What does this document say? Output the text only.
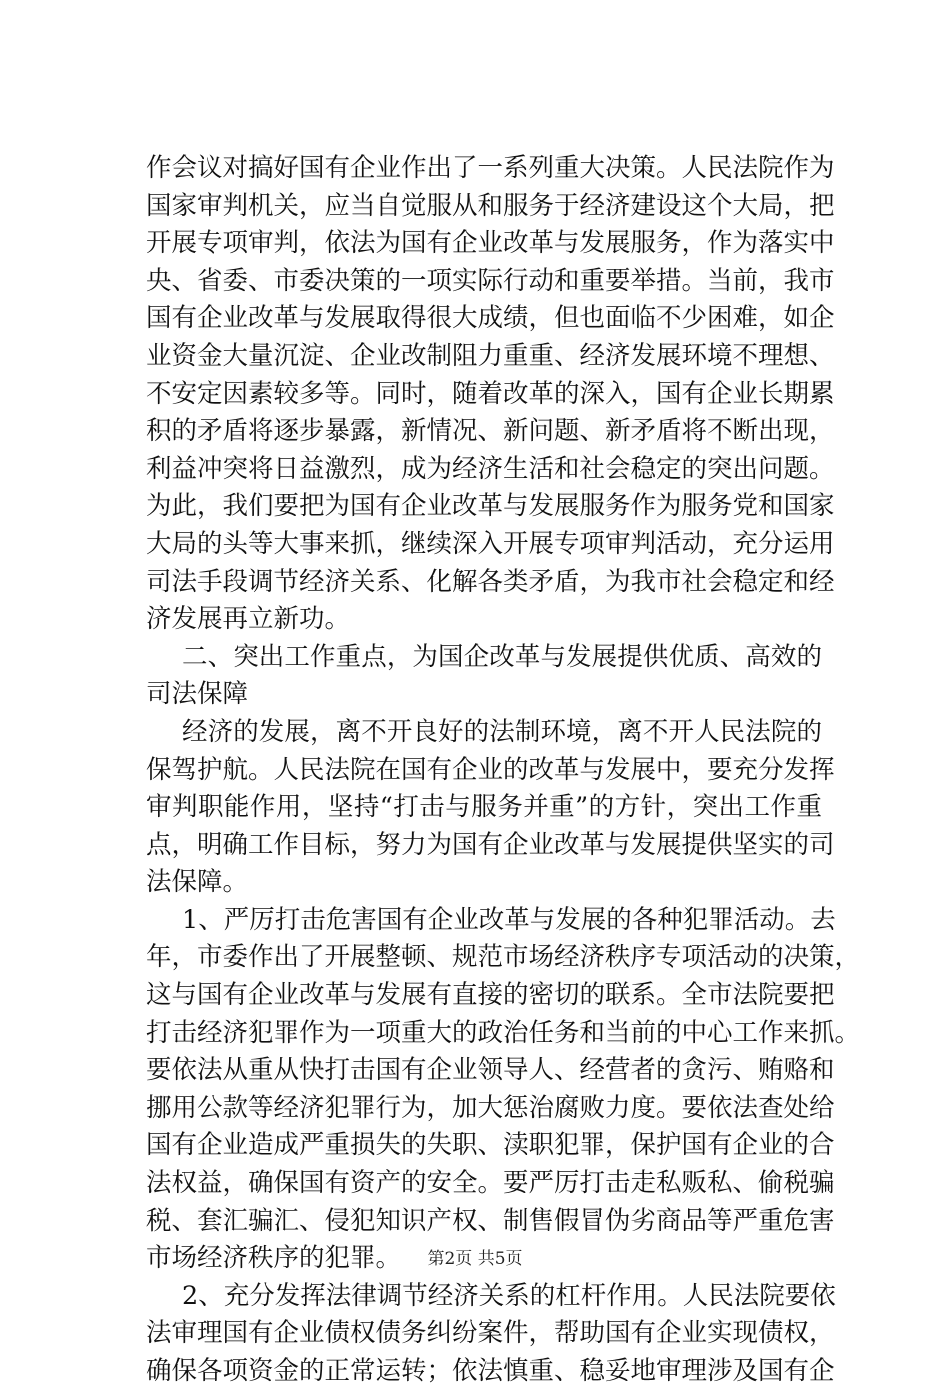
作会议对搞好国有企业作出了一系列重大决策。人民法院作为
国家审判机关，应当自觉服从和服务于经济建设这个大局，把
开展专项审判，依法为国有企业改革与发展服务，作为落实中
央、省委、市委决策的一项实际行动和重要举措。当前，我市
国有企业改革与发展取得很大成绩，但也面临不少困难，如企
业资金大量沉淀、企业改制阻力重重、经济发展环境不理想、
不安定因素较多等。同时，随着改革的深入，国有企业长期累
积的矛盾将逐步暴露，新情况、新问题、新矛盾将不断出现，
利益冲突将日益激烈，成为经济生活和社会稳定的突出问题。
为此，我们要把为国有企业改革与发展服务作为服务党和国家
大局的头等大事来抓，继续深入开展专项审判活动，充分运用
司法手段调节经济关系、化解各类矛盾，为我市社会稳定和经
济发展再立新功。
二、突出工作重点，为国企改革与发展提供优质、高效的
司法保障
经济的发展，离不开良好的法制环境，离不开人民法院的
保驾护航。人民法院在国有企业的改革与发展中，要充分发挥
审判职能作用，坚持“打击与服务并重”的方针，突出工作重
点，明确工作目标，努力为国有企业改革与发展提供坚实的司
法保障。
1、严厉打击危害国有企业改革与发展的各种犯罪活动。去
年，市委作出了开展整顿、规范市场经济秩序专项活动的决策，
这与国有企业改革与发展有直接的密切的联系。全市法院要把
打击经济犯罪作为一项重大的政治任务和当前的中心工作来抓。
要依法从重从快打击国有企业领导人、经营者的贪污、贿赂和
挪用公款等经济犯罪行为，加大惩治腐败力度。要依法查处给
国有企业造成严重损失的失职、渎职犯罪，保护国有企业的合
法权益，确保国有资产的安全。要严厉打击走私贩私、偷税骗
税、套汇骗汇、侵犯知识产权、制售假冒伪劣商品等严重危害
市场经济秩序的犯罪。
2、充分发挥法律调节经济关系的杠杆作用。人民法院要依
法审理国有企业债权债务纠纷案件，帮助国有企业实现债权，
确保各项资金的正常运转；依法慎重、稳妥地审理涉及国有企
第2页 共5页
